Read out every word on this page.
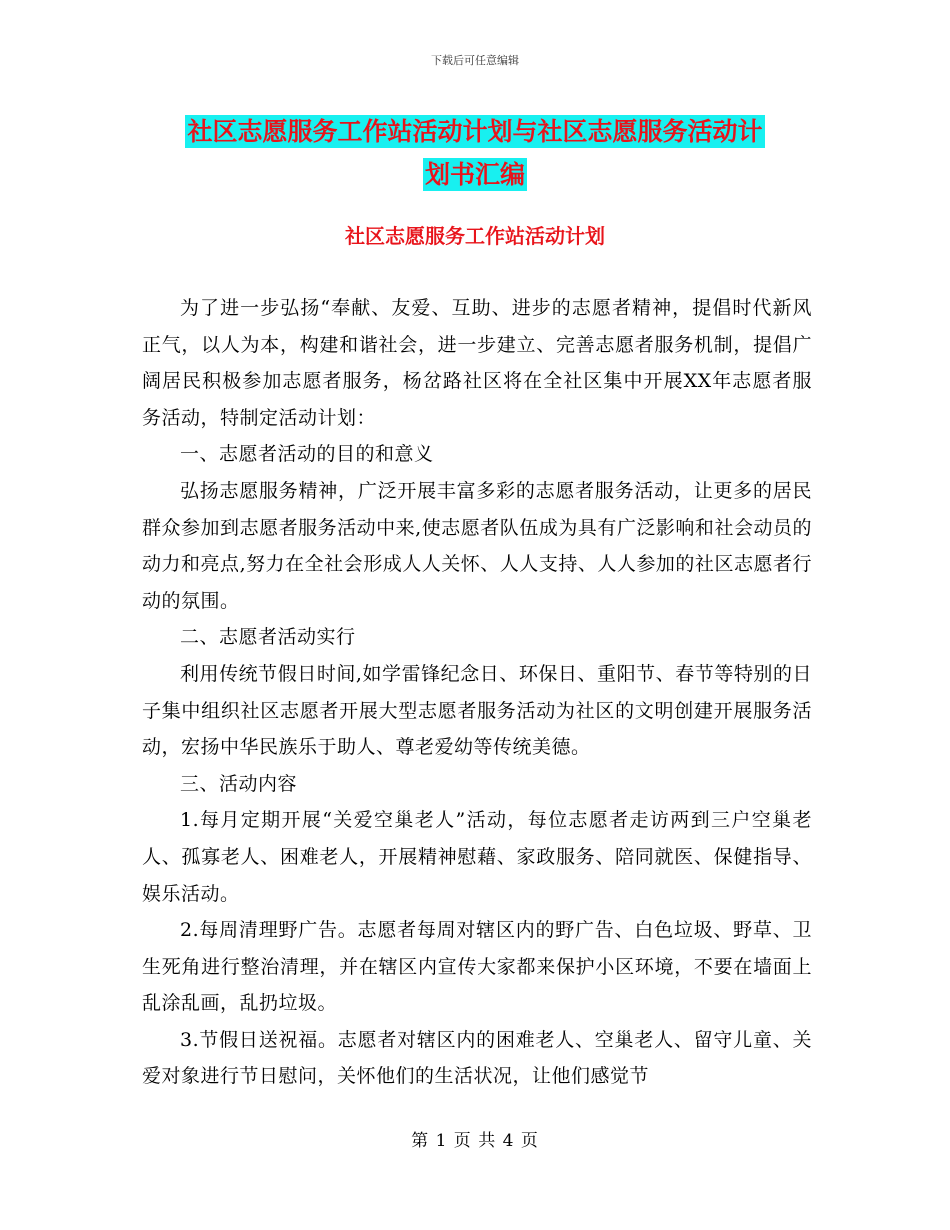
下载后可任意编辑
社区志愿服务工作站活动计划与社区志愿服务活动计
划书汇编
社区志愿服务工作站活动计划

为了进一步弘扬“奉献、友爱、互助、进步的志愿者精神，提倡时代新风正气，以人为本，构建和谐社会，进一步建立、完善志愿者服务机制，提倡广阔居民积极参加志愿者服务，杨岔路社区将在全社区集中开展XX年志愿者服务活动，特制定活动计划：

一、志愿者活动的目的和意义

弘扬志愿服务精神，广泛开展丰富多彩的志愿者服务活动，让更多的居民群众参加到志愿者服务活动中来,使志愿者队伍成为具有广泛影响和社会动员的动力和亮点,努力在全社会形成人人关怀、人人支持、人人参加的社区志愿者行动的氛围。

二、志愿者活动实行

利用传统节假日时间,如学雷锋纪念日、环保日、重阳节、春节等特别的日子集中组织社区志愿者开展大型志愿者服务活动为社区的文明创建开展服务活动，宏扬中华民族乐于助人、尊老爱幼等传统美德。

三、活动内容

1.每月定期开展“关爱空巢老人”活动，每位志愿者走访两到三户空巢老人、孤寡老人、困难老人，开展精神慰藉、家政服务、陪同就医、保健指导、娱乐活动。

2.每周清理野广告。志愿者每周对辖区内的野广告、白色垃圾、野草、卫生死角进行整治清理，并在辖区内宣传大家都来保护小区环境，不要在墙面上乱涂乱画，乱扔垃圾。

3.节假日送祝福。志愿者对辖区内的困难老人、空巢老人、留守儿童、关爱对象进行节日慰问，关怀他们的生活状况，让他们感觉节

第 1 页 共 4 页
